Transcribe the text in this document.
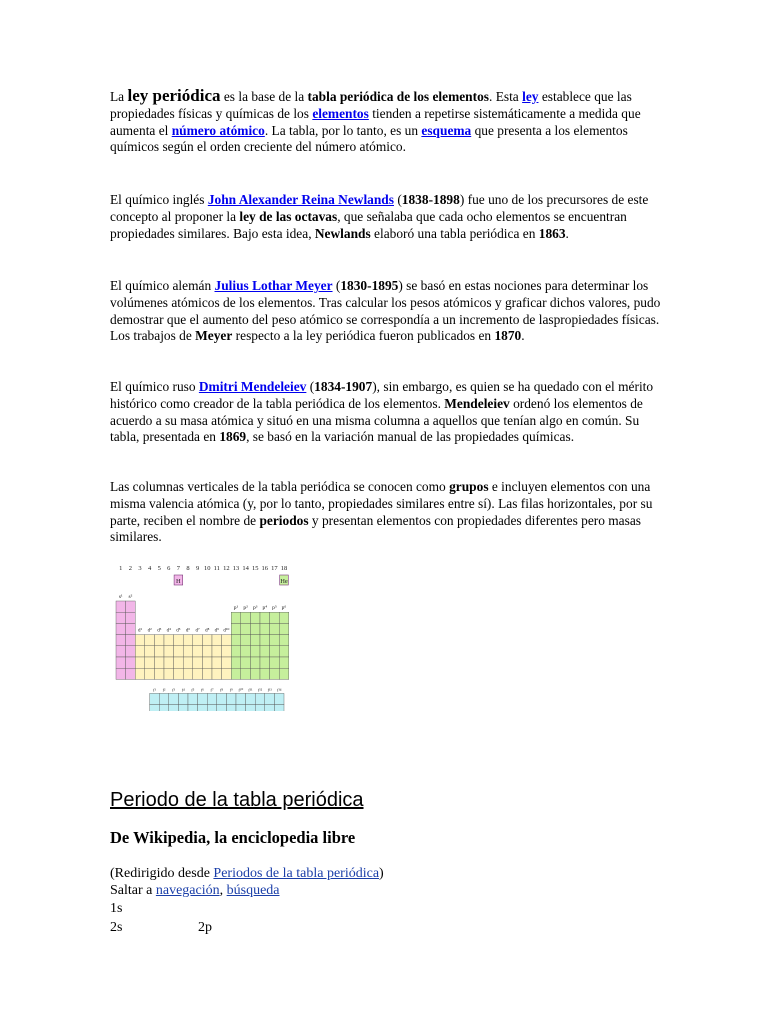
La ley periódica es la base de la tabla periódica de los elementos. Esta ley establece que las propiedades físicas y químicas de los elementos tienden a repetirse sistemáticamente a medida que aumenta el número atómico. La tabla, por lo tanto, es un esquema que presenta a los elementos químicos según el orden creciente del número atómico.

El químico inglés John Alexander Reina Newlands (1838-1898) fue uno de los precursores de este concepto al proponer la ley de las octavas, que señalaba que cada ocho elementos se encuentran propiedades similares. Bajo esta idea, Newlands elaboró una tabla periódica en 1863.

El químico alemán Julius Lothar Meyer (1830-1895) se basó en estas nociones para determinar los volúmenes atómicos de los elementos. Tras calcular los pesos atómicos y graficar dichos valores, pudo demostrar que el aumento del peso atómico se correspondía a un incremento de laspropiedades físicas. Los trabajos de Meyer respecto a la ley periódica fueron publicados en 1870.

El químico ruso Dmitri Mendeleiev (1834-1907), sin embargo, es quien se ha quedado con el mérito histórico como creador de la tabla periódica de los elementos. Mendeleiev ordenó los elementos de acuerdo a su masa atómica y situó en una misma columna a aquellos que tenían algo en común. Su tabla, presentada en 1869, se basó en la variación manual de las propiedades químicas.

Las columnas verticales de la tabla periódica se conocen como grupos e incluyen elementos con una misma valencia atómica (y, por lo tanto, propiedades similares entre sí). Las filas horizontales, por su parte, reciben el nombre de periodos y presentan elementos con propiedades diferentes pero masas similares.

1 2 3 4 5 6 7 8 9 10 11 12 13 14 15 16 17 18
H	He
s¹ s²
d¹ d² d³ d⁴ d⁵ d⁶ d⁷ d⁸ d⁹ d¹⁰
p¹ p² p³ p⁴ p⁵ p⁶
f¹ f² f³ f⁴ f⁵ f⁶ f⁷ f⁸ f⁹ f¹⁰ f¹¹ f¹² f¹³ f¹⁴
Periodo de la tabla periódica
De Wikipedia, la enciclopedia libre
(Redirigido desde Periodos de la tabla periódica)
Saltar a navegación, búsqueda
1s
2s	2p
